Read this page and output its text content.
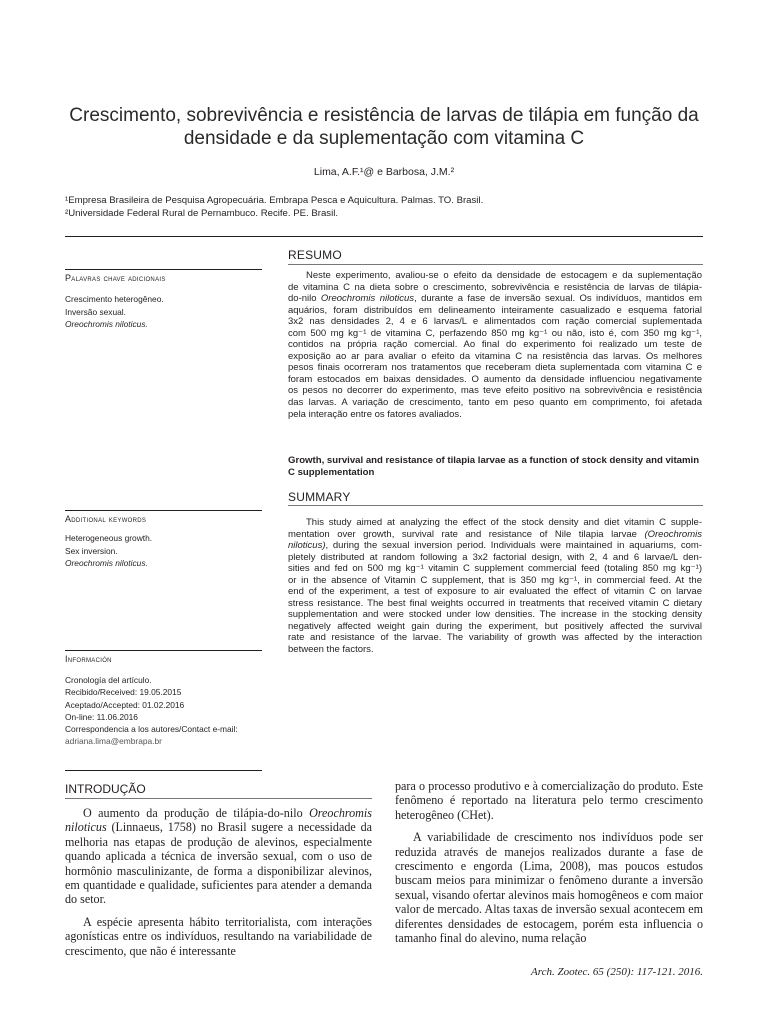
Crescimento, sobrevivência e resistência de larvas de tilápia em função da densidade e da suplementação com vitamina C
Lima, A.F.¹@ e Barbosa, J.M.²
¹Empresa Brasileira de Pesquisa Agropecuária. Embrapa Pesca e Aquicultura. Palmas. TO. Brasil.
²Universidade Federal Rural de Pernambuco. Recife. PE. Brasil.
RESUMO
Palavras chave adicionais
Crescimento heterogêneo.
Inversão sexual.
Oreochromis niloticus.
Neste experimento, avaliou-se o efeito da densidade de estocagem e da suplementação
de vitamina C na dieta sobre o crescimento, sobrevivência e resistência de larvas de tilápia-
do-nilo Oreochromis niloticus, durante a fase de inversão sexual. Os indivíduos, mantidos em
aquários, foram distribuídos em delineamento inteiramente casualizado e esquema fatorial
3x2 nas densidades 2, 4 e 6 larvas/L e alimentados com ração comercial suplementada
com 500 mg kg⁻¹ de vitamina C, perfazendo 850 mg kg⁻¹ ou não, isto é, com 350 mg kg⁻¹,
contidos na própria ração comercial. Ao final do experimento foi realizado um teste de
exposição ao ar para avaliar o efeito da vitamina C na resistência das larvas. Os melhores
pesos finais ocorreram nos tratamentos que receberam dieta suplementada com vitamina C e
foram estocados em baixas densidades. O aumento da densidade influenciou negativamente
os pesos no decorrer do experimento, mas teve efeito positivo na sobrevivência e resistência
das larvas. A variação de crescimento, tanto em peso quanto em comprimento, foi afetada
pela interação entre os fatores avaliados.
Growth, survival and resistance of tilapia larvae as a function of stock density and vitamin C supplementation
SUMMARY
Additional keywords
Heterogeneous growth.
Sex inversion.
Oreochromis niloticus.
This study aimed at analyzing the effect of the stock density and diet vitamin C supple-
mentation over growth, survival rate and resistance of Nile tilapia larvae (Oreochromis
niloticus), during the sexual inversion period. Individuals were maintained in aquariums, com-
pletely distributed at random following a 3x2 factorial design, with 2, 4 and 6 larvae/L den-
sities and fed on 500 mg kg⁻¹ vitamin C supplement commercial feed (totaling 850 mg kg⁻¹)
or in the absence of Vitamin C supplement, that is 350 mg kg⁻¹, in commercial feed. At the
end of the experiment, a test of exposure to air evaluated the effect of vitamin C on larvae
stress resistance. The best final weights occurred in treatments that received vitamin C dietary
supplementation and were stocked under low densities. The increase in the stocking density
negatively affected weight gain during the experiment, but positively affected the survival
rate and resistance of the larvae. The variability of growth was affected by the interaction
between the factors.
Información
Cronología del artículo.
Recibido/Received: 19.05.2015
Aceptado/Accepted: 01.02.2016
On-line: 11.06.2016
Correspondencia a los autores/Contact e-mail:
adriana.lima@embrapa.br
INTRODUÇÃO

O aumento da produção de tilápia-do-nilo Oreochromis niloticus (Linnaeus, 1758) no Brasil sugere a necessidade da melhoria nas etapas de produção de alevinos, especialmente quando aplicada a técnica de inversão sexual, com o uso de hormônio masculinizante, de forma a disponibilizar alevinos, em quantidade e qualidade, suficientes para atender a demanda do setor.

A espécie apresenta hábito territorialista, com interações agonísticas entre os indivíduos, resultando na variabilidade de crescimento, que não é interessante

para o processo produtivo e à comercialização do produto. Este fenômeno é reportado na literatura pelo termo crescimento heterogêneo (CHet).

A variabilidade de crescimento nos indivíduos pode ser reduzida através de manejos realizados durante a fase de crescimento e engorda (Lima, 2008), mas poucos estudos buscam meios para minimizar o fenômeno durante a inversão sexual, visando ofertar alevinos mais homogêneos e com maior valor de mercado. Altas taxas de inversão sexual acontecem em diferentes densidades de estocagem, porém esta influencia o tamanho final do alevino, numa relação

Arch. Zootec. 65 (250): 117-121. 2016.
